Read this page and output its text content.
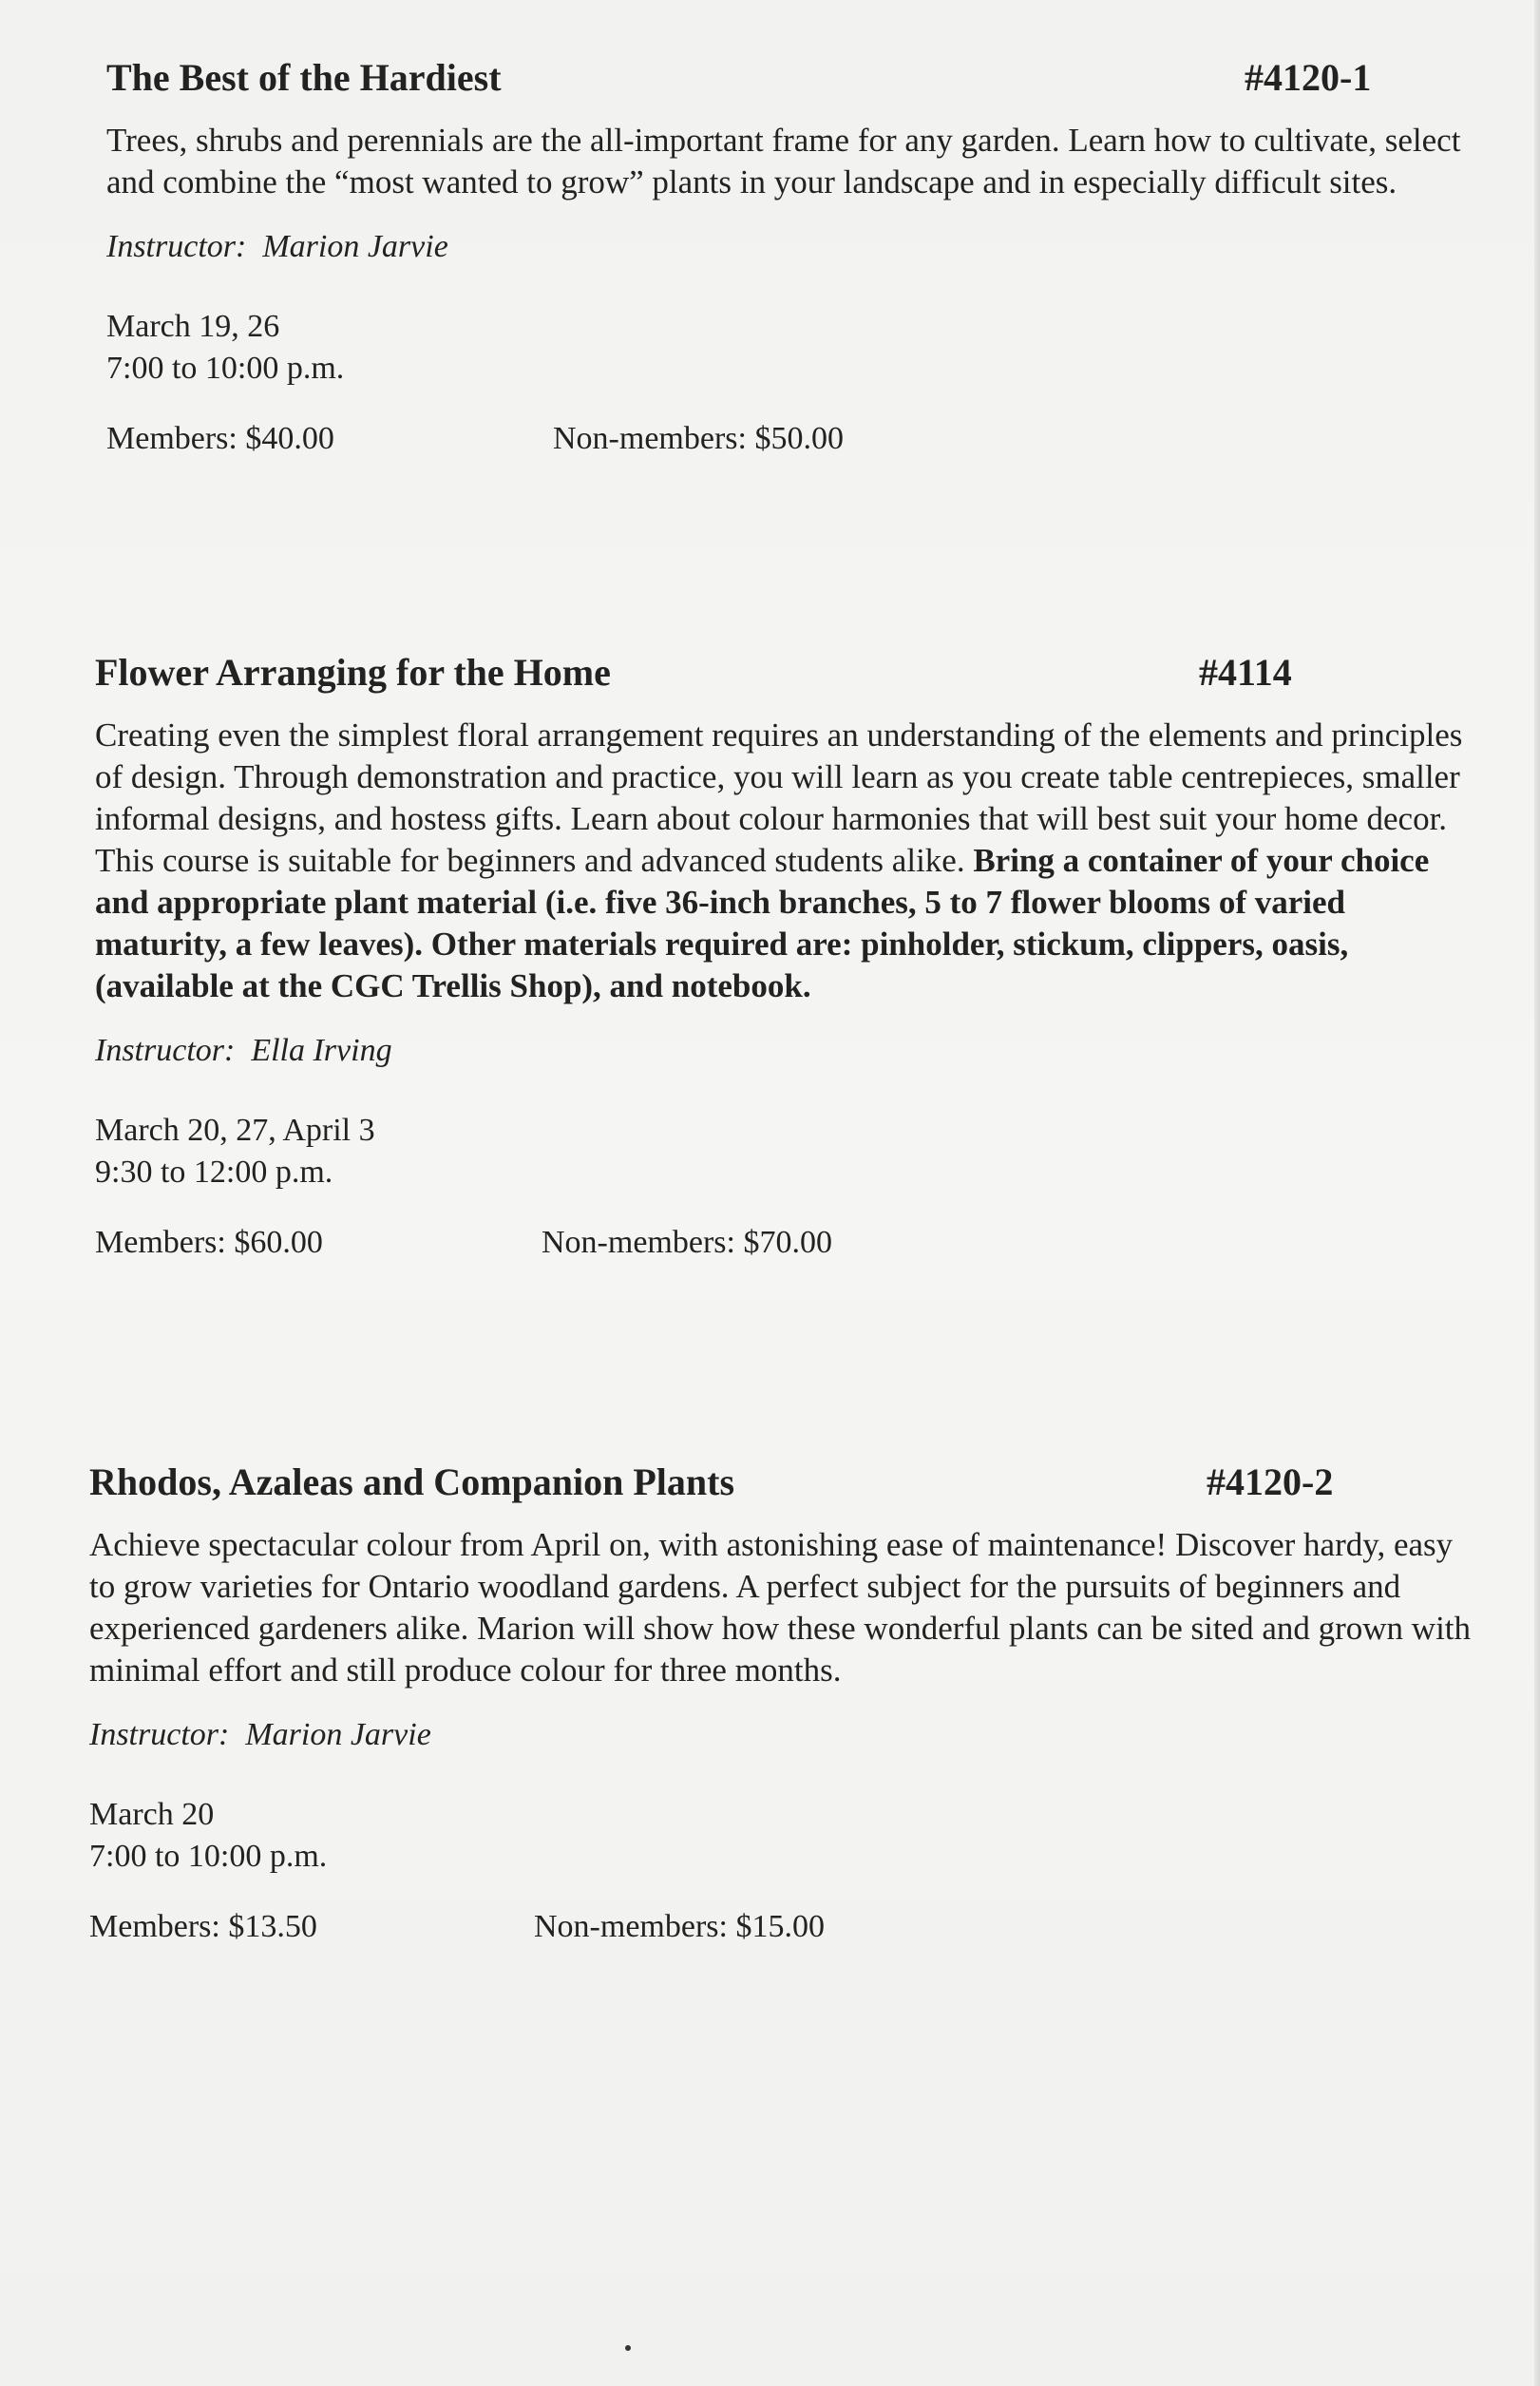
The Best of the Hardiest	#4120-1
Trees, shrubs and perennials are the all-important frame for any garden. Learn how to cultivate, select and combine the “most wanted to grow” plants in your landscape and in especially difficult sites.
Instructor: Marion Jarvie
March 19, 26
7:00 to 10:00 p.m.
Members: $40.00	Non-members: $50.00
Flower Arranging for the Home	#4114
Creating even the simplest floral arrangement requires an understanding of the elements and principles of design. Through demonstration and practice, you will learn as you create table centrepieces, smaller informal designs, and hostess gifts. Learn about colour harmonies that will best suit your home decor. This course is suitable for beginners and advanced students alike. Bring a container of your choice and appropriate plant material (i.e. five 36-inch branches, 5 to 7 flower blooms of varied maturity, a few leaves). Other materials required are: pinholder, stickum, clippers, oasis, (available at the CGC Trellis Shop), and notebook.
Instructor: Ella Irving
March 20, 27, April 3
9:30 to 12:00 p.m.
Members: $60.00	Non-members: $70.00
Rhodos, Azaleas and Companion Plants	#4120-2
Achieve spectacular colour from April on, with astonishing ease of maintenance! Discover hardy, easy to grow varieties for Ontario woodland gardens. A perfect subject for the pursuits of beginners and experienced gardeners alike. Marion will show how these wonderful plants can be sited and grown with minimal effort and still produce colour for three months.
Instructor: Marion Jarvie
March 20
7:00 to 10:00 p.m.
Members: $13.50	Non-members: $15.00
